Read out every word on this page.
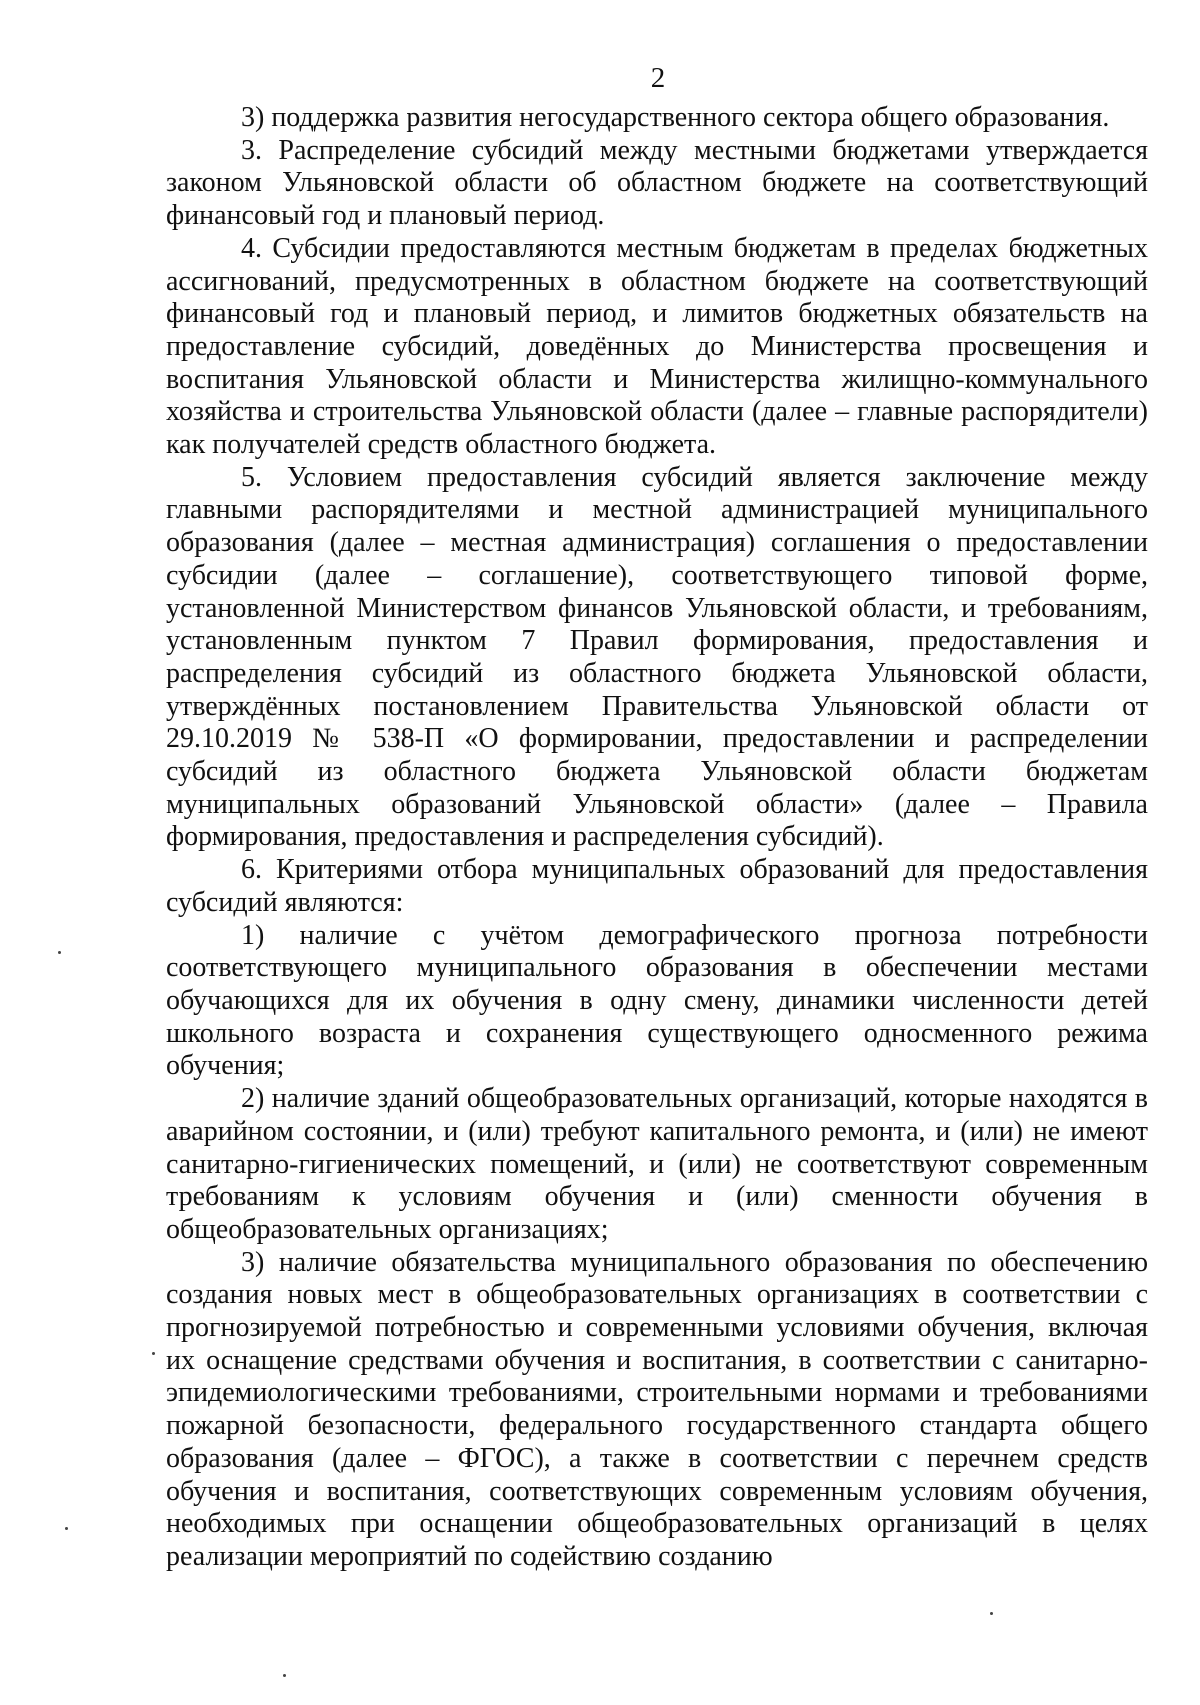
2

3) поддержка развития негосударственного сектора общего образования.

3. Распределение субсидий между местными бюджетами утверждается законом Ульяновской области об областном бюджете на соответствующий финансовый год и плановый период.

4. Субсидии предоставляются местным бюджетам в пределах бюджетных ассигнований, предусмотренных в областном бюджете на соответствующий финансовый год и плановый период, и лимитов бюджетных обязательств на предоставление субсидий, доведённых до Министерства просвещения и воспитания Ульяновской области и Министерства жилищно-коммунального хозяйства и строительства Ульяновской области (далее – главные распорядители) как получателей средств областного бюджета.

5. Условием предоставления субсидий является заключение между главными распорядителями и местной администрацией муниципального образования (далее – местная администрация) соглашения о предоставлении субсидии (далее – соглашение), соответствующего типовой форме, установленной Министерством финансов Ульяновской области, и требованиям, установленным пунктом 7 Правил формирования, предоставления и распределения субсидий из областного бюджета Ульяновской области, утверждённых постановлением Правительства Ульяновской области от 29.10.2019 № 538-П «О формировании, предоставлении и распределении субсидий из областного бюджета Ульяновской области бюджетам муниципальных образований Ульяновской области» (далее – Правила формирования, предоставления и распределения субсидий).

6. Критериями отбора муниципальных образований для предоставления субсидий являются:

1) наличие с учётом демографического прогноза потребности соответствующего муниципального образования в обеспечении местами обучающихся для их обучения в одну смену, динамики численности детей школьного возраста и сохранения существующего односменного режима обучения;

2) наличие зданий общеобразовательных организаций, которые находятся в аварийном состоянии, и (или) требуют капитального ремонта, и (или) не имеют санитарно-гигиенических помещений, и (или) не соответствуют современным требованиям к условиям обучения и (или) сменности обучения в общеобразовательных организациях;

3) наличие обязательства муниципального образования по обеспечению создания новых мест в общеобразовательных организациях в соответствии с прогнозируемой потребностью и современными условиями обучения, включая их оснащение средствами обучения и воспитания, в соответствии с санитарно-эпидемиологическими требованиями, строительными нормами и требованиями пожарной безопасности, федерального государственного стандарта общего образования (далее – ФГОС), а также в соответствии с перечнем средств обучения и воспитания, соответствующих современным условиям обучения, необходимых при оснащении общеобразовательных организаций в целях реализации мероприятий по содействию созданию
